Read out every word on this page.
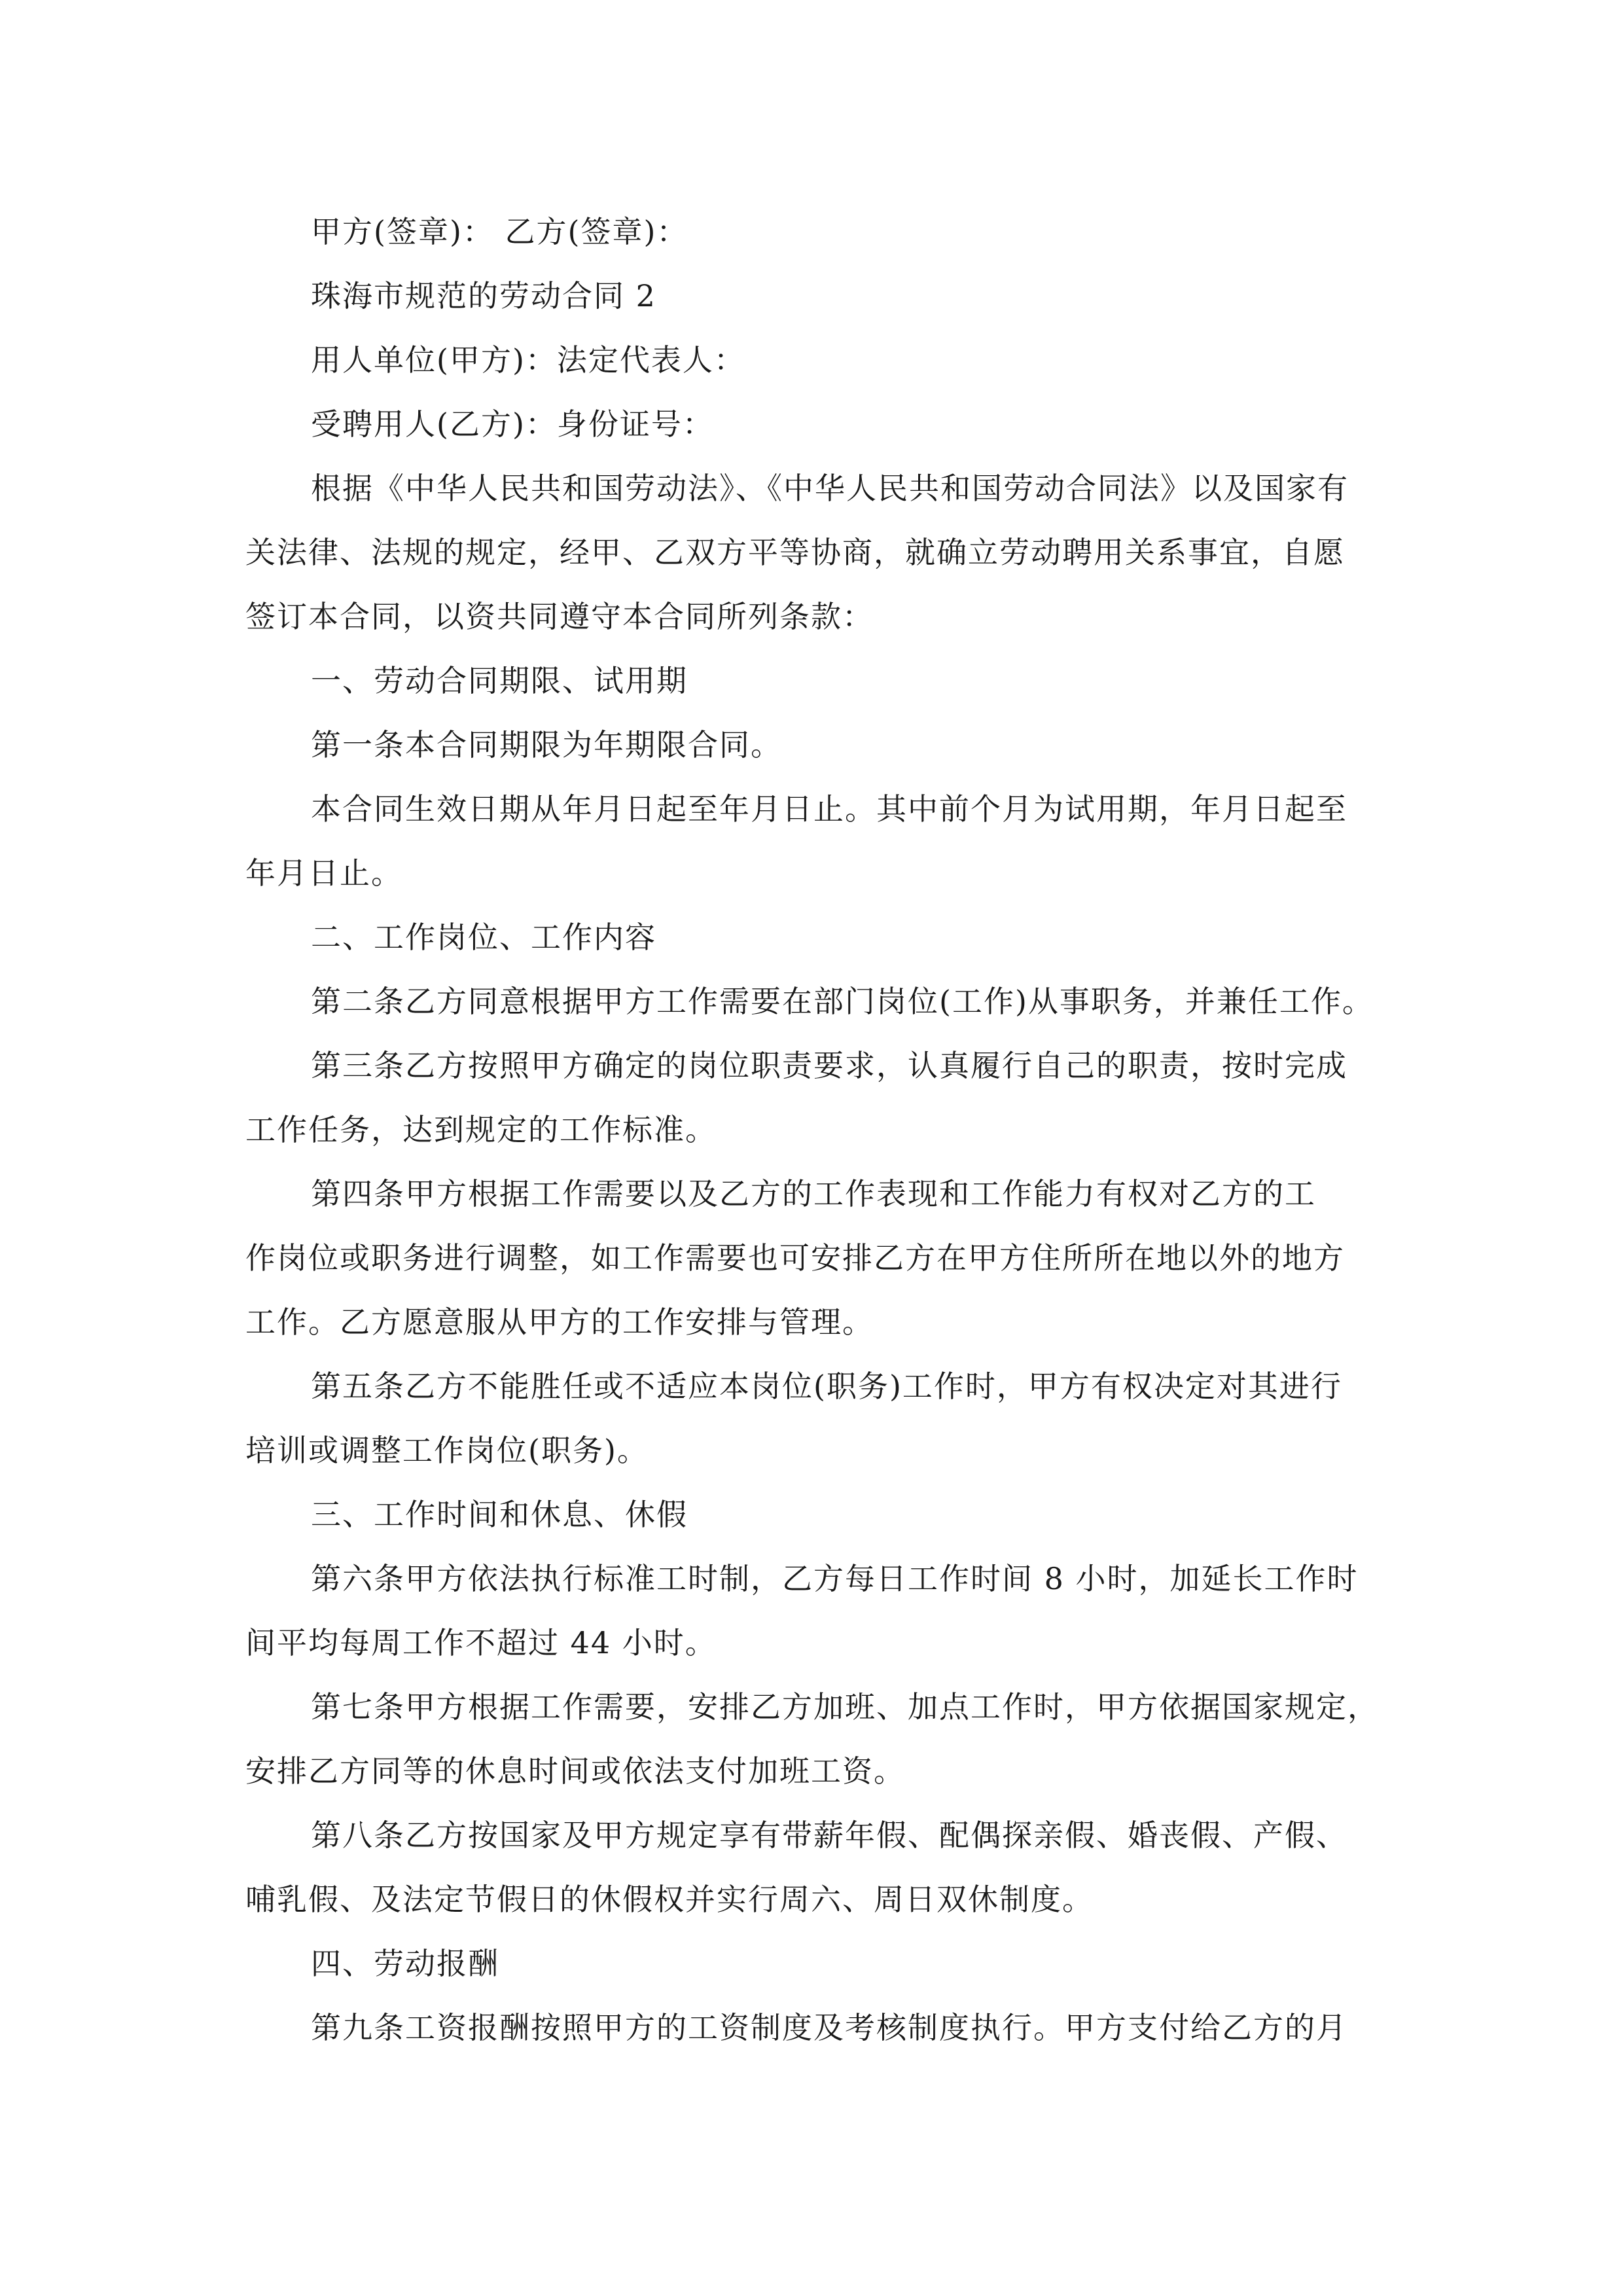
甲方(签章)： 乙方(签章)：
珠海市规范的劳动合同 2
用人单位(甲方)：法定代表人：
受聘用人(乙方)：身份证号：
根据《中华人民共和国劳动法》、《中华人民共和国劳动合同法》以及国家有
关法律、法规的规定，经甲、乙双方平等协商，就确立劳动聘用关系事宜，自愿
签订本合同，以资共同遵守本合同所列条款：
一、劳动合同期限、试用期
第一条本合同期限为年期限合同。
本合同生效日期从年月日起至年月日止。其中前个月为试用期，年月日起至
年月日止。
二、工作岗位、工作内容
第二条乙方同意根据甲方工作需要在部门岗位(工作)从事职务，并兼任工作。
第三条乙方按照甲方确定的岗位职责要求，认真履行自己的职责，按时完成
工作任务，达到规定的工作标准。
第四条甲方根据工作需要以及乙方的工作表现和工作能力有权对乙方的工
作岗位或职务进行调整，如工作需要也可安排乙方在甲方住所所在地以外的地方
工作。乙方愿意服从甲方的工作安排与管理。
第五条乙方不能胜任或不适应本岗位(职务)工作时，甲方有权决定对其进行
培训或调整工作岗位(职务)。
三、工作时间和休息、休假
第六条甲方依法执行标准工时制，乙方每日工作时间 8 小时，加延长工作时
间平均每周工作不超过 44 小时。
第七条甲方根据工作需要，安排乙方加班、加点工作时，甲方依据国家规定，
安排乙方同等的休息时间或依法支付加班工资。
第八条乙方按国家及甲方规定享有带薪年假、配偶探亲假、婚丧假、产假、
哺乳假、及法定节假日的休假权并实行周六、周日双休制度。
四、劳动报酬
第九条工资报酬按照甲方的工资制度及考核制度执行。甲方支付给乙方的月
